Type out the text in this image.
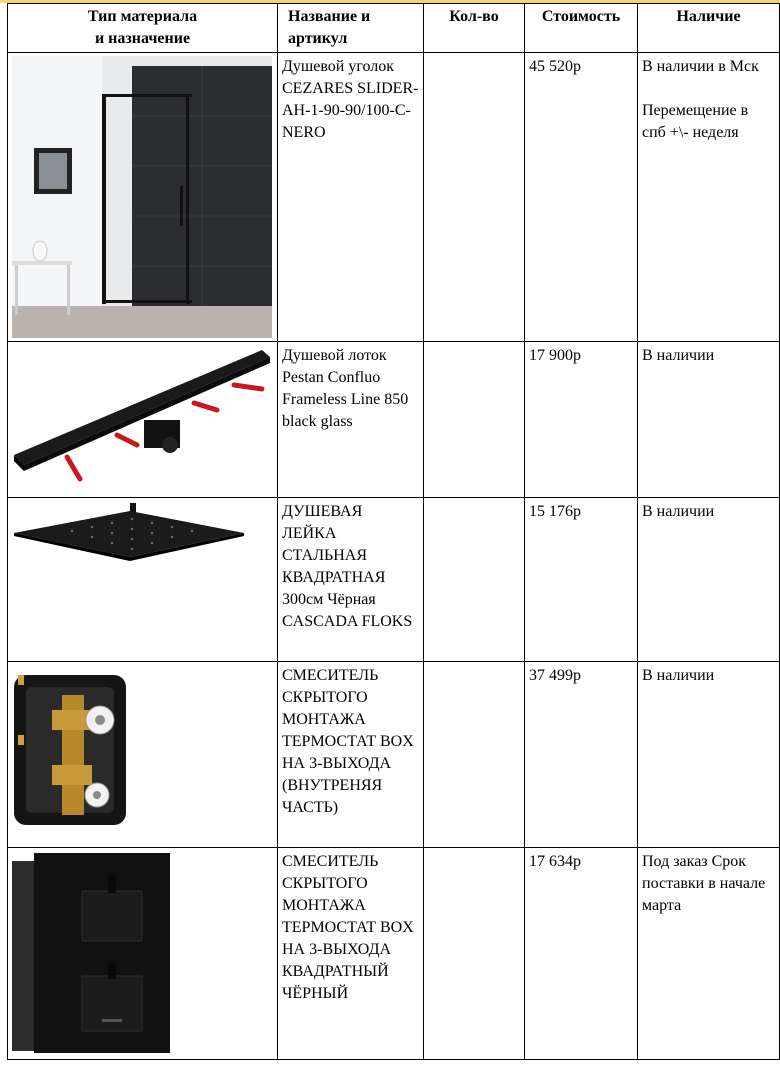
Тип материала
и назначение	Название и
артикул	Кол-во	Стоимость	Наличие

	Душевой уголок CEZARES SLIDER-AH-1-90-90/100-C-NERO		45 520р	В наличии в Мск

Перемещение в спб +\- неделя

	Душевой лоток Pestan Confluo Frameless Line 850 black glass		17 900р	В наличии

	ДУШЕВАЯ ЛЕЙКА СТАЛЬНАЯ КВАДРАТНАЯ 300см Чёрная CASCADA FLOKS		15 176р	В наличии

	СМЕСИТЕЛЬ СКРЫТОГО МОНТАЖА ТЕРМОСТАТ BOX НА 3-ВЫХОДА (ВНУТРЕНЯЯ ЧАСТЬ)		37 499р	В наличии

	СМЕСИТЕЛЬ СКРЫТОГО МОНТАЖА ТЕРМОСТАТ BOX НА 3-ВЫХОДА КВАДРАТНЫЙ ЧЁРНЫЙ		17 634р	Под заказ Срок поставки в начале марта
